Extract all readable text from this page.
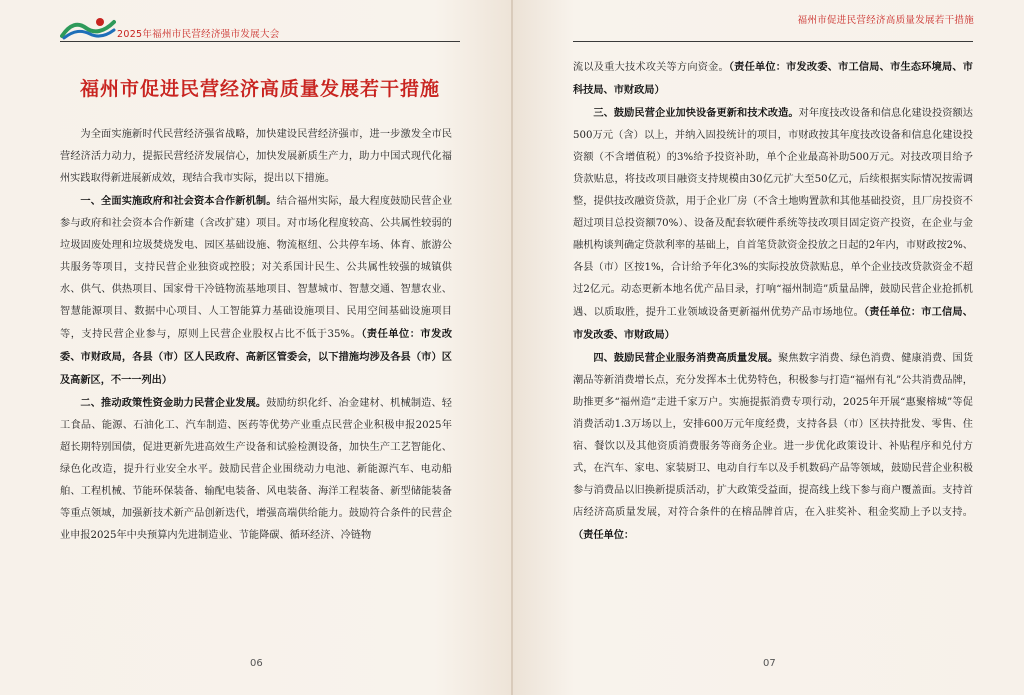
2025年福州市民营经济强市发展大会
福州市促进民营经济高质量发展若干措施

为全面实施新时代民营经济强省战略，加快建设民营经济强市，进一步激发全市民营经济活力动力，提振民营经济发展信心，加快发展新质生产力，助力中国式现代化福州实践取得新进展新成效，现结合我市实际，提出以下措施。

一、全面实施政府和社会资本合作新机制。结合福州实际，最大程度鼓励民营企业参与政府和社会资本合作新建（含改扩建）项目。对市场化程度较高、公共属性较弱的垃圾固废处理和垃圾焚烧发电、园区基础设施、物流枢纽、公共停车场、体育、旅游公共服务等项目，支持民营企业独资或控股；对关系国计民生、公共属性较强的城镇供水、供气、供热项目、国家骨干冷链物流基地项目、智慧城市、智慧交通、智慧农业、智慧能源项目、数据中心项目、人工智能算力基础设施项目、民用空间基础设施项目等，支持民营企业参与，原则上民营企业股权占比不低于35%。（责任单位：市发改委、市财政局，各县（市）区人民政府、高新区管委会，以下措施均涉及各县（市）区及高新区，不一一列出）

二、推动政策性资金助力民营企业发展。鼓励纺织化纤、冶金建材、机械制造、轻工食品、能源、石油化工、汽车制造、医药等优势产业重点民营企业积极申报2025年超长期特别国债，促进更新先进高效生产设备和试验检测设备，加快生产工艺智能化、绿色化改造，提升行业安全水平。鼓励民营企业围绕动力电池、新能源汽车、电动船舶、工程机械、节能环保装备、输配电装备、风电装备、海洋工程装备、新型储能装备等重点领域，加强新技术新产品创新迭代，增强高端供给能力。鼓励符合条件的民营企业申报2025年中央预算内先进制造业、节能降碳、循环经济、冷链物

06
福州市促进民营经济高质量发展若干措施

流以及重大技术攻关等方向资金。（责任单位：市发改委、市工信局、市生态环境局、市科技局、市财政局）

三、鼓励民营企业加快设备更新和技术改造。对年度技改设备和信息化建设投资额达500万元（含）以上，并纳入固投统计的项目，市财政按其年度技改设备和信息化建设投资额（不含增值税）的3%给予投资补助，单个企业最高补助500万元。对技改项目给予贷款贴息，将技改项目融资支持规模由30亿元扩大至50亿元，后续根据实际情况按需调整，提供技改融资贷款，用于企业厂房（不含土地购置款和其他基础投资，且厂房投资不超过项目总投资额70%）、设备及配套软硬件系统等技改项目固定资产投资，在企业与金融机构谈判确定贷款利率的基础上，自首笔贷款资金投放之日起的2年内，市财政按2%、各县（市）区按1%，合计给予年化3%的实际投放贷款贴息，单个企业技改贷款资金不超过2亿元。动态更新本地名优产品目录，打响“福州制造”质量品牌，鼓励民营企业抢抓机遇、以质取胜，提升工业领域设备更新福州优势产品市场地位。（责任单位：市工信局、市发改委、市财政局）

四、鼓励民营企业服务消费高质量发展。聚焦数字消费、绿色消费、健康消费、国货潮品等新消费增长点，充分发挥本土优势特色，积极参与打造“福州有礼”公共消费品牌，助推更多“福州造”走进千家万户。实施提振消费专项行动，2025年开展“惠聚榕城”等促消费活动1.3万场以上，安排600万元年度经费，支持各县（市）区扶持批发、零售、住宿、餐饮以及其他资质消费服务等商务企业。进一步优化政策设计、补贴程序和兑付方式，在汽车、家电、家装厨卫、电动自行车以及手机数码产品等领域，鼓励民营企业积极参与消费品以旧换新提质活动，扩大政策受益面，提高线上线下参与商户覆盖面。支持首店经济高质量发展，对符合条件的在榕品牌首店，在入驻奖补、租金奖励上予以支持。（责任单位：

07
